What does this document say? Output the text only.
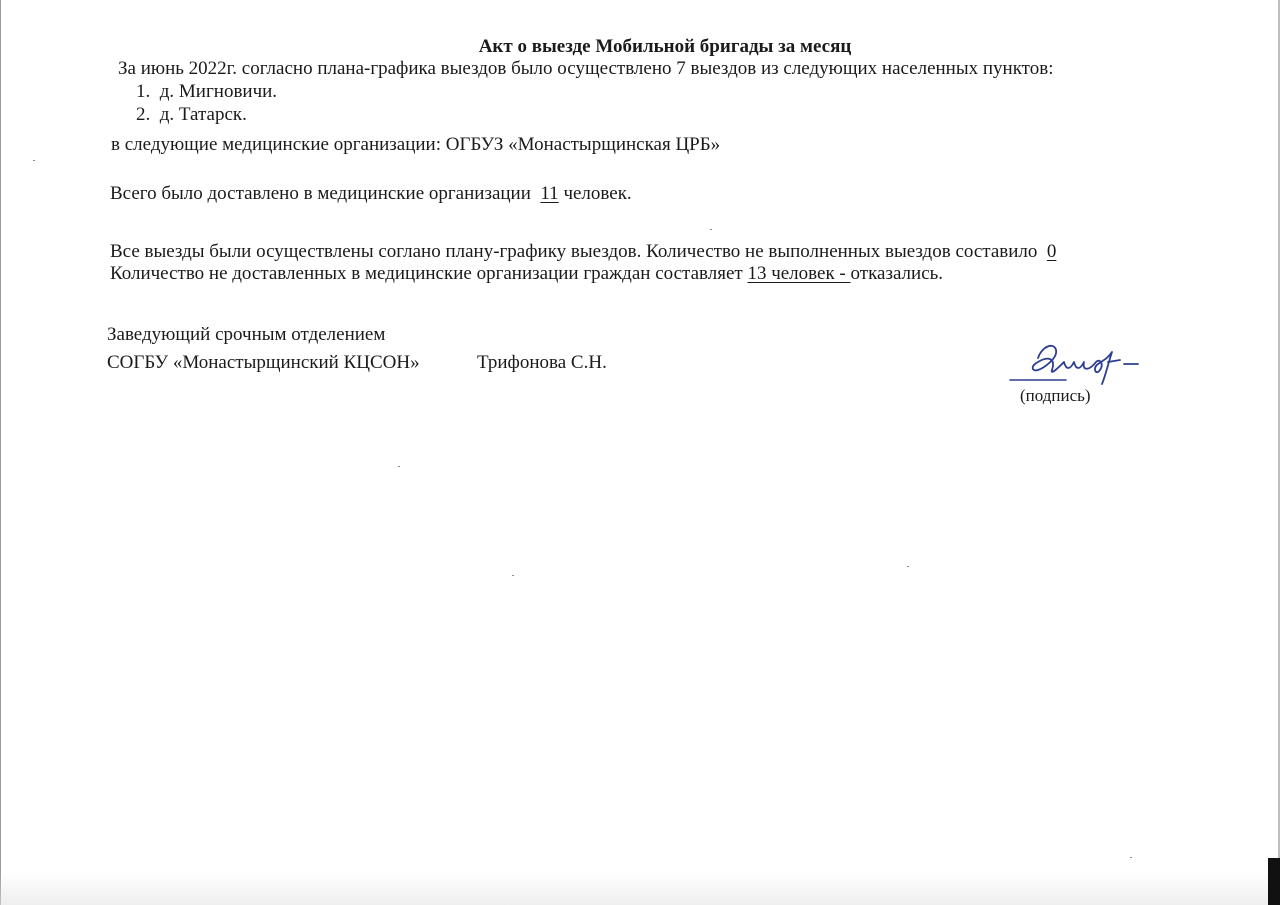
Акт о выезде Мобильной бригады за месяц
За июнь 2022г. согласно плана-графика выездов было осуществлено 7 выездов из следующих населенных пунктов:
1. д. Мигновичи.
2. д. Татарск.
в следующие медицинские организации: ОГБУЗ «Монастырщинская ЦРБ»
Всего было доставлено в медицинские организации 11 человек.
Все выезды были осуществлены соглано плану-графику выездов. Количество не выполненных выездов составило 0
Количество не доставленных в медицинские организации граждан составляет 13 человек - отказались.
Заведующий срочным отделением
СОГБУ «Монастырщинский КЦСОН»	Трифонова С.Н.
(подпись)
